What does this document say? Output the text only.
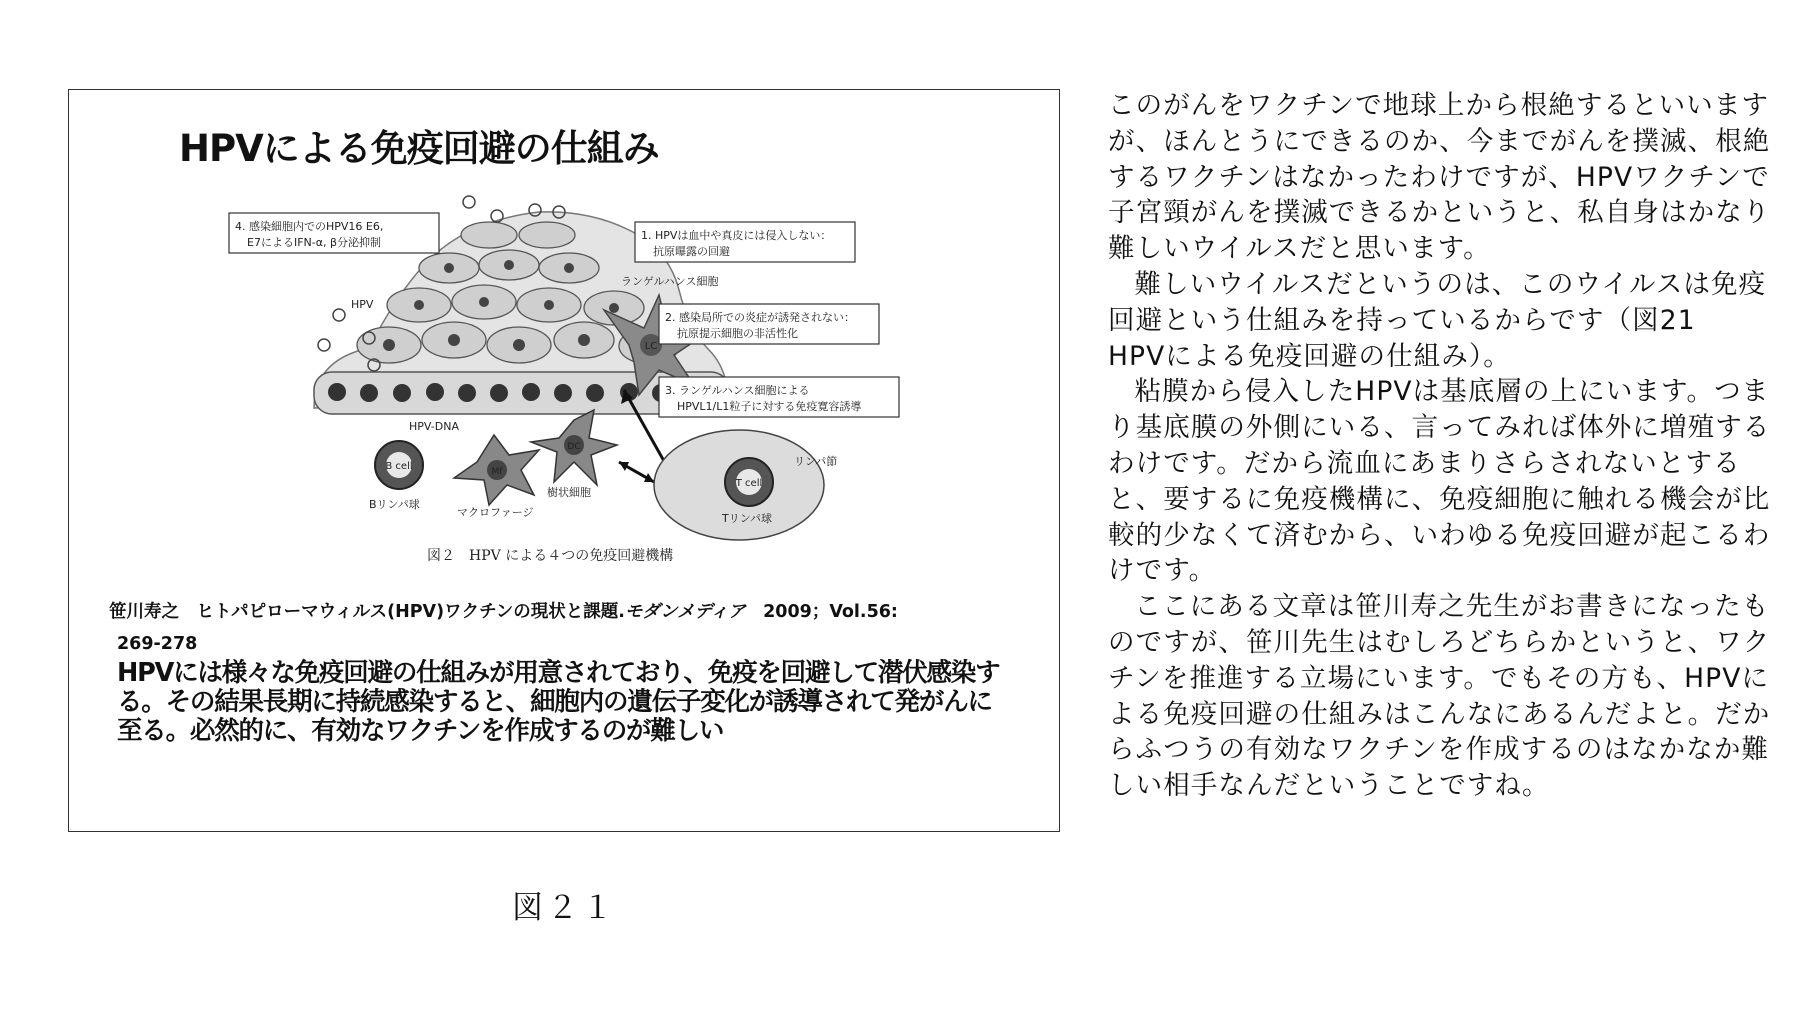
HPVによる免疫回避の仕組み
LC
4. 感染細胞内でのHPV16 E6,
E7によるIFN-α, β分泌抑制
1. HPVは血中や真皮には侵入しない：
抗原曝露の回避
ランゲルハンス細胞
2. 感染局所での炎症が誘発されない：
抗原提示細胞の非活性化
3. ランゲルハンス細胞による
HPVL1/L1粒子に対する免疫寛容誘導
HPV
HPV-DNA
B cell
Bリンパ球
Mf
マクロファージ
DC
樹状細胞
リンパ節
T cell
Tリンパ球
図２　HPV による４つの免疫回避機構
笹川寿之　ヒトパピローマウィルス(HPV)ワクチンの現状と課題.モダンメディア　2009；Vol.56:
269-278
HPVには様々な免疫回避の仕組みが用意されており、免疫を回避して潜伏感染する。その結果長期に持続感染すると、細胞内の遺伝子変化が誘導されて発がんに至る。必然的に、有効なワクチンを作成するのが難しい
図２１

このがんをワクチンで地球上から根絶するといいますが、ほんとうにできるのか、今までがんを撲滅、根絶するワクチンはなかったわけですが、HPVワクチンで子宮頸がんを撲滅できるかというと、私自身はかなり難しいウイルスだと思います。

難しいウイルスだというのは、このウイルスは免疫回避という仕組みを持っているからです（図21　HPVによる免疫回避の仕組み）。

粘膜から侵入したHPVは基底層の上にいます。つまり基底膜の外側にいる、言ってみれば体外に増殖するわけです。だから流血にあまりさらされないとすると、要するに免疫機構に、免疫細胞に触れる機会が比較的少なくて済むから、いわゆる免疫回避が起こるわけです。

ここにある文章は笹川寿之先生がお書きになったものですが、笹川先生はむしろどちらかというと、ワクチンを推進する立場にいます。でもその方も、HPVによる免疫回避の仕組みはこんなにあるんだよと。だからふつうの有効なワクチンを作成するのはなかなか難しい相手なんだということですね。
